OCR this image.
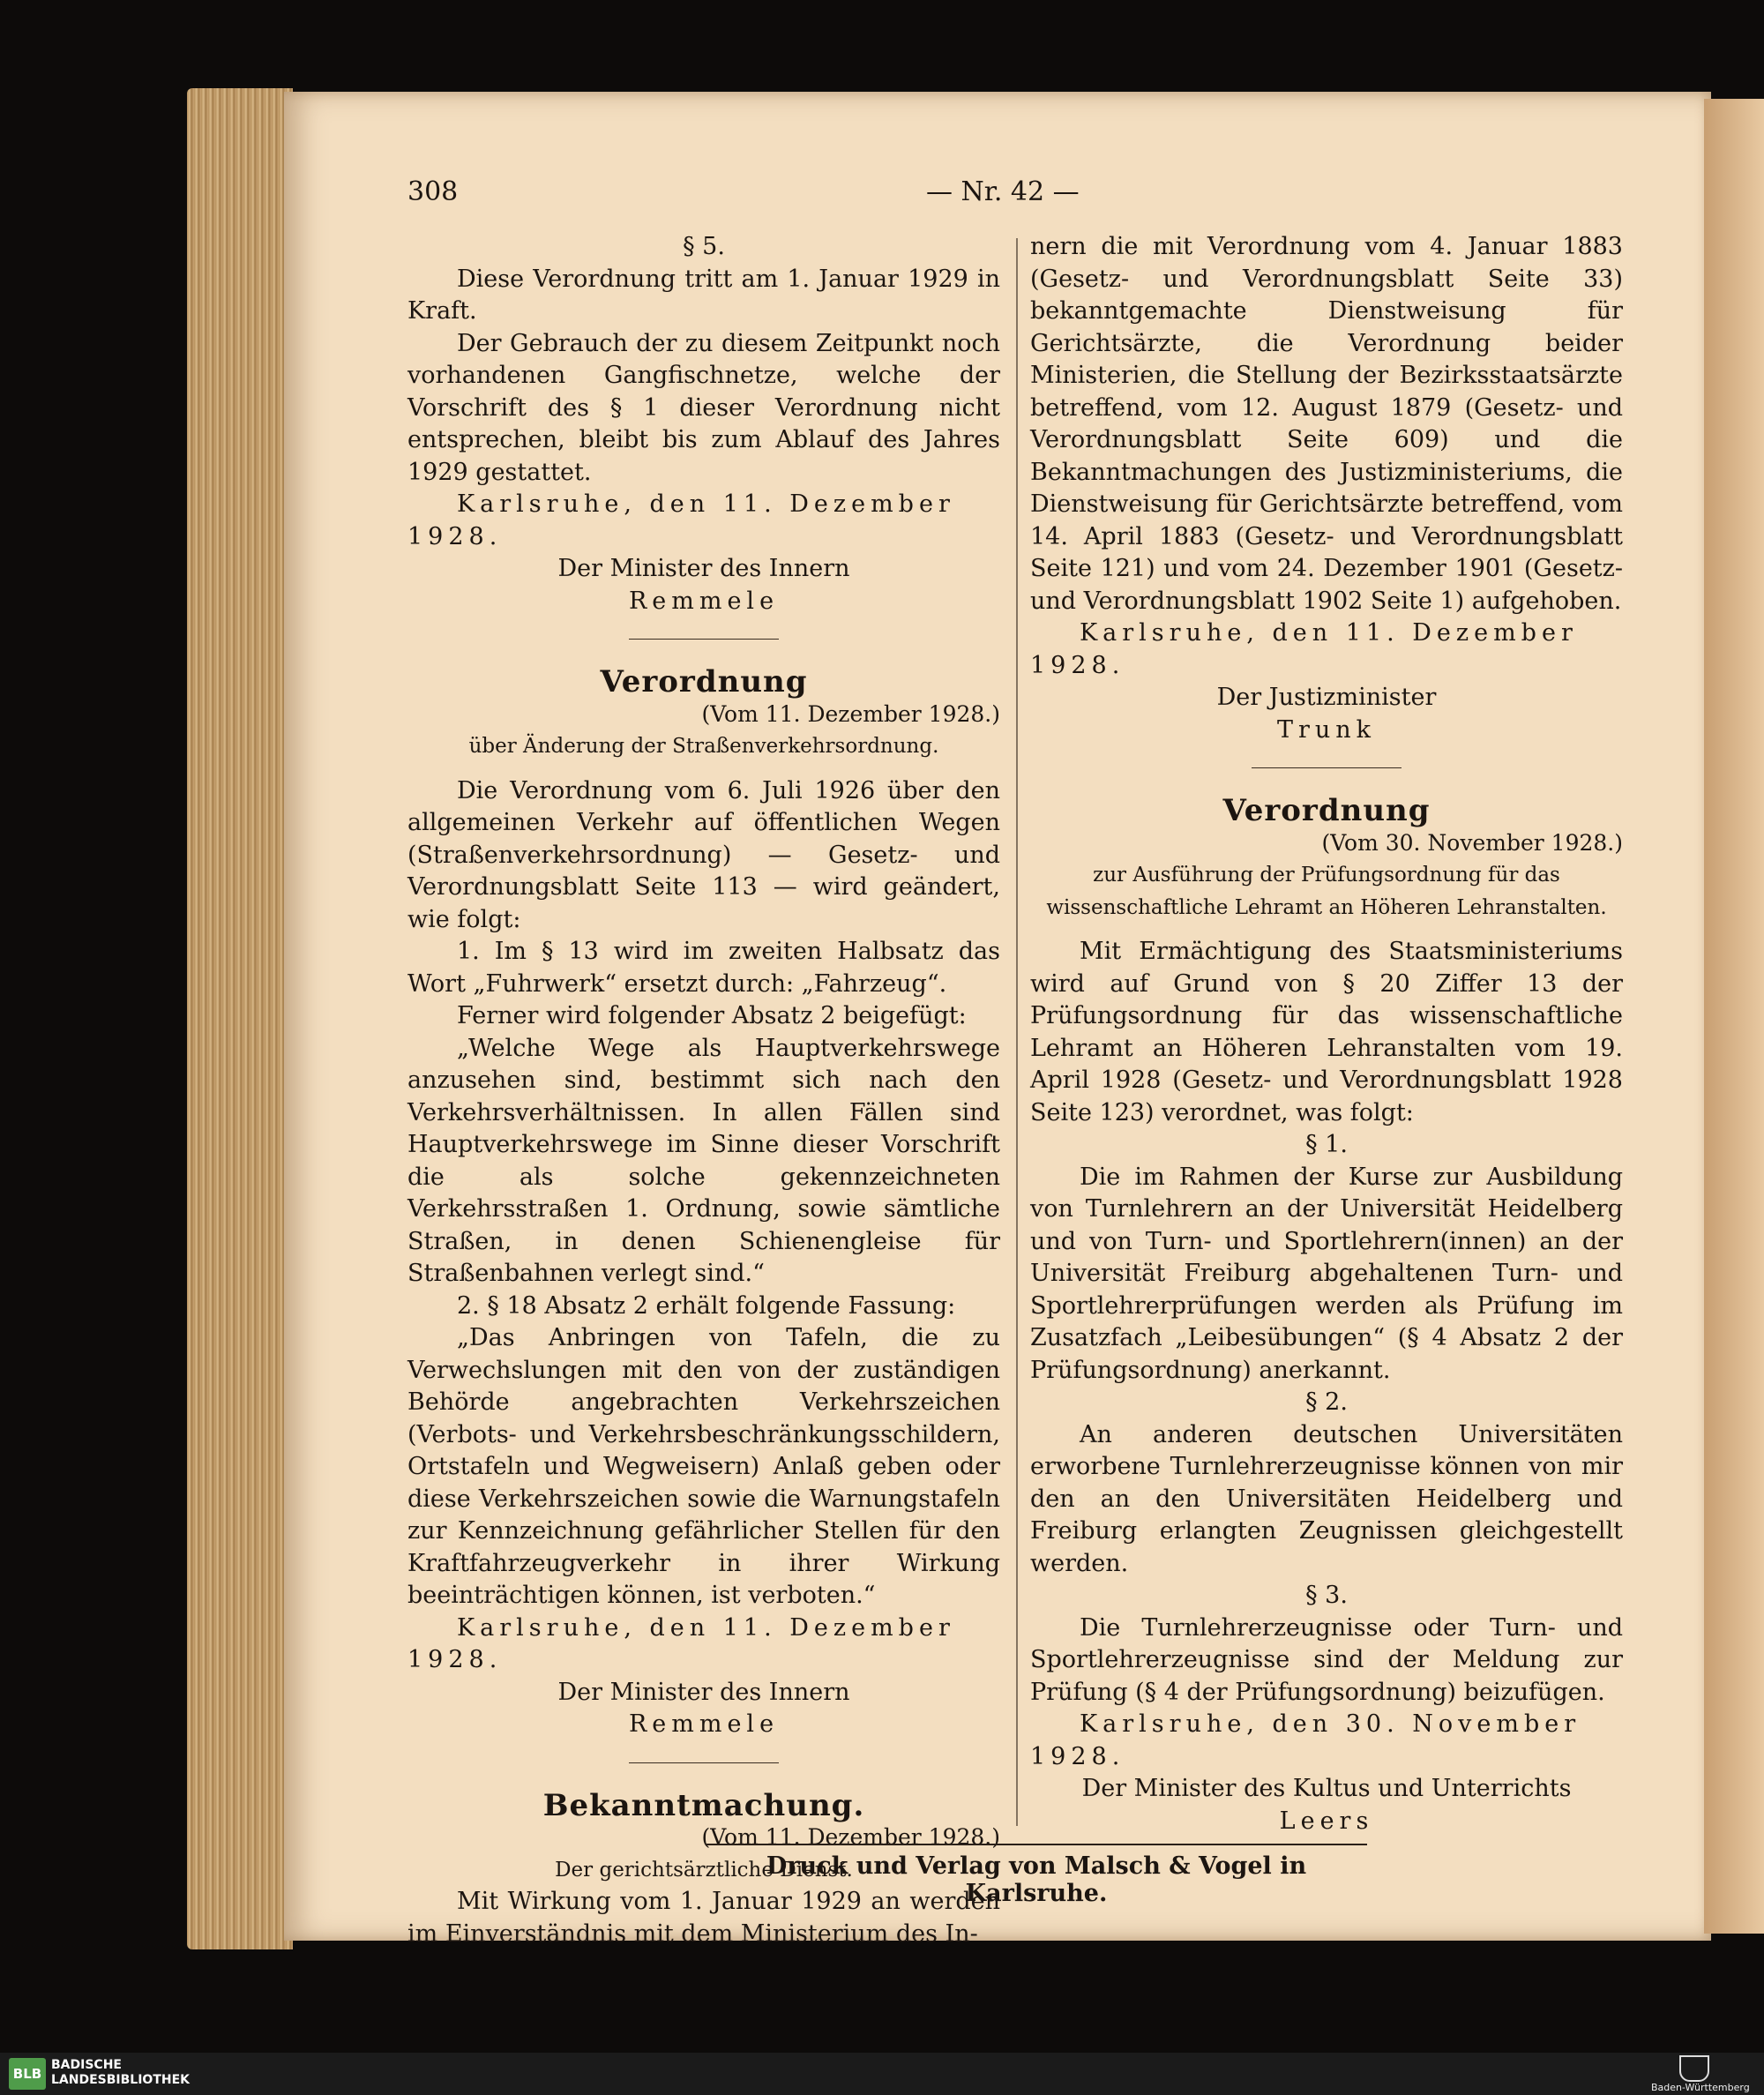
308	— Nr. 42 —
§ 5.
Diese Verordnung tritt am 1. Januar 1929 in Kraft.
Der Gebrauch der zu diesem Zeitpunkt noch vorhandenen Gangfischnetze, welche der Vorschrift des § 1 dieser Verordnung nicht entsprechen, bleibt bis zum Ablauf des Jahres 1929 gestattet.
Karlsruhe, den 11. Dezember 1928.
Der Minister des Innern
Remmele
Verordnung
(Vom 11. Dezember 1928.)
über Änderung der Straßenverkehrsordnung.
Die Verordnung vom 6. Juli 1926 über den allgemeinen Verkehr auf öffentlichen Wegen (Straßenverkehrsordnung) — Gesetz- und Verordnungsblatt Seite 113 — wird geändert, wie folgt:
1. Im § 13 wird im zweiten Halbsatz das Wort „Fuhrwerk“ ersetzt durch: „Fahrzeug“.
Ferner wird folgender Absatz 2 beigefügt:
„Welche Wege als Hauptverkehrswege anzusehen sind, bestimmt sich nach den Verkehrsverhältnissen. In allen Fällen sind Hauptverkehrswege im Sinne dieser Vorschrift die als solche gekennzeichneten Verkehrsstraßen 1. Ordnung, sowie sämtliche Straßen, in denen Schienengleise für Straßenbahnen verlegt sind.“
2. § 18 Absatz 2 erhält folgende Fassung:
„Das Anbringen von Tafeln, die zu Verwechslungen mit den von der zuständigen Behörde angebrachten Verkehrszeichen (Verbots- und Verkehrsbeschränkungsschildern, Ortstafeln und Wegweisern) Anlaß geben oder diese Verkehrszeichen sowie die Warnungstafeln zur Kennzeichnung gefährlicher Stellen für den Kraftfahrzeugverkehr in ihrer Wirkung beeinträchtigen können, ist verboten.“
Karlsruhe, den 11. Dezember 1928.
Der Minister des Innern
Remmele
Bekanntmachung.
(Vom 11. Dezember 1928.)
Der gerichtsärztliche Dienst.
Mit Wirkung vom 1. Januar 1929 an werden im Einverständnis mit dem Ministerium des In-
nern die mit Verordnung vom 4. Januar 1883 (Gesetz- und Verordnungsblatt Seite 33) bekanntgemachte Dienstweisung für Gerichtsärzte, die Verordnung beider Ministerien, die Stellung der Bezirksstaatsärzte betreffend, vom 12. August 1879 (Gesetz- und Verordnungsblatt Seite 609) und die Bekanntmachungen des Justizministeriums, die Dienstweisung für Gerichtsärzte betreffend, vom 14. April 1883 (Gesetz- und Verordnungsblatt Seite 121) und vom 24. Dezember 1901 (Gesetz- und Verordnungsblatt 1902 Seite 1) aufgehoben.
Karlsruhe, den 11. Dezember 1928.
Der Justizminister
Trunk
Verordnung
(Vom 30. November 1928.)
zur Ausführung der Prüfungsordnung für das wissenschaftliche Lehramt an Höheren Lehranstalten.
Mit Ermächtigung des Staatsministeriums wird auf Grund von § 20 Ziffer 13 der Prüfungsordnung für das wissenschaftliche Lehramt an Höheren Lehranstalten vom 19. April 1928 (Gesetz- und Verordnungsblatt 1928 Seite 123) verordnet, was folgt:
§ 1.
Die im Rahmen der Kurse zur Ausbildung von Turnlehrern an der Universität Heidelberg und von Turn- und Sportlehrern(innen) an der Universität Freiburg abgehaltenen Turn- und Sportlehrerprüfungen werden als Prüfung im Zusatzfach „Leibesübungen“ (§ 4 Absatz 2 der Prüfungsordnung) anerkannt.
§ 2.
An anderen deutschen Universitäten erworbene Turnlehrerzeugnisse können von mir den an den Universitäten Heidelberg und Freiburg erlangten Zeugnissen gleichgestellt werden.
§ 3.
Die Turnlehrerzeugnisse oder Turn- und Sportlehrerzeugnisse sind der Meldung zur Prüfung (§ 4 der Prüfungsordnung) beizufügen.
Karlsruhe, den 30. November 1928.
Der Minister des Kultus und Unterrichts
Leers
Druck und Verlag von Malsch & Vogel in Karlsruhe.
BLB
BADISCHE
LANDESBIBLIOTHEK
Baden-Württemberg
